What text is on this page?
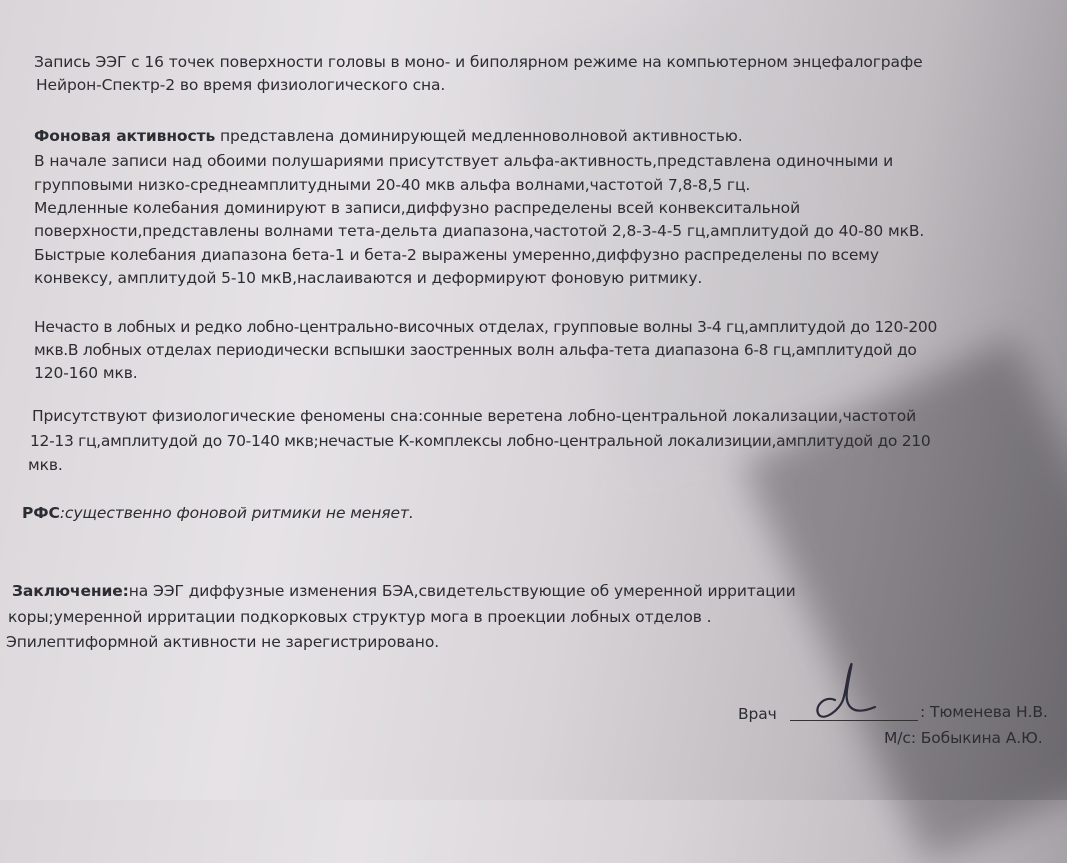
Запись ЭЭГ с 16 точек поверхности головы в моно- и биполярном режиме на компьютерном энцефалографе
Нейрон-Спектр-2 во время физиологического сна.
Фоновая активность представлена доминирующей медленноволновой активностью.
В начале записи над обоими полушариями присутствует альфа-активность,представлена одиночными и
групповыми низко-среднеамплитудными 20-40 мкв альфа волнами,частотой 7,8-8,5 гц.
Медленные колебания доминируют в записи,диффузно распределены всей конвекситальной
поверхности,представлены волнами тета-дельта диапазона,частотой 2,8-3-4-5 гц,амплитудой до 40-80 мкВ.
Быстрые колебания диапазона бета-1 и бета-2 выражены умеренно,диффузно распределены по всему
конвексу, амплитудой 5-10 мкВ,наслаиваются и деформируют фоновую ритмику.
Нечасто в лобных и редко лобно-центрально-височных отделах, групповые волны 3-4 гц,амплитудой до 120-200
мкв.В лобных отделах периодически вспышки заостренных волн альфа-тета диапазона 6-8 гц,амплитудой до
120-160 мкв.
Присутствуют физиологические феномены сна:сонные веретена лобно-центральной локализации,частотой
12-13 гц,амплитудой до 70-140 мкв;нечастые К-комплексы лобно-центральной локализиции,амплитудой до 210
мкв.
РФС:существенно фоновой ритмики не меняет.
Заключение:на ЭЭГ диффузные изменения БЭА,свидетельствующие об умеренной ирритации
коры;умеренной ирритации подкорковых структур мога в проекции лобных отделов .
Эпилептиформной активности не зарегистрировано.
Врач	: Тюменева Н.В.
М/с: Бобыкина А.Ю.
